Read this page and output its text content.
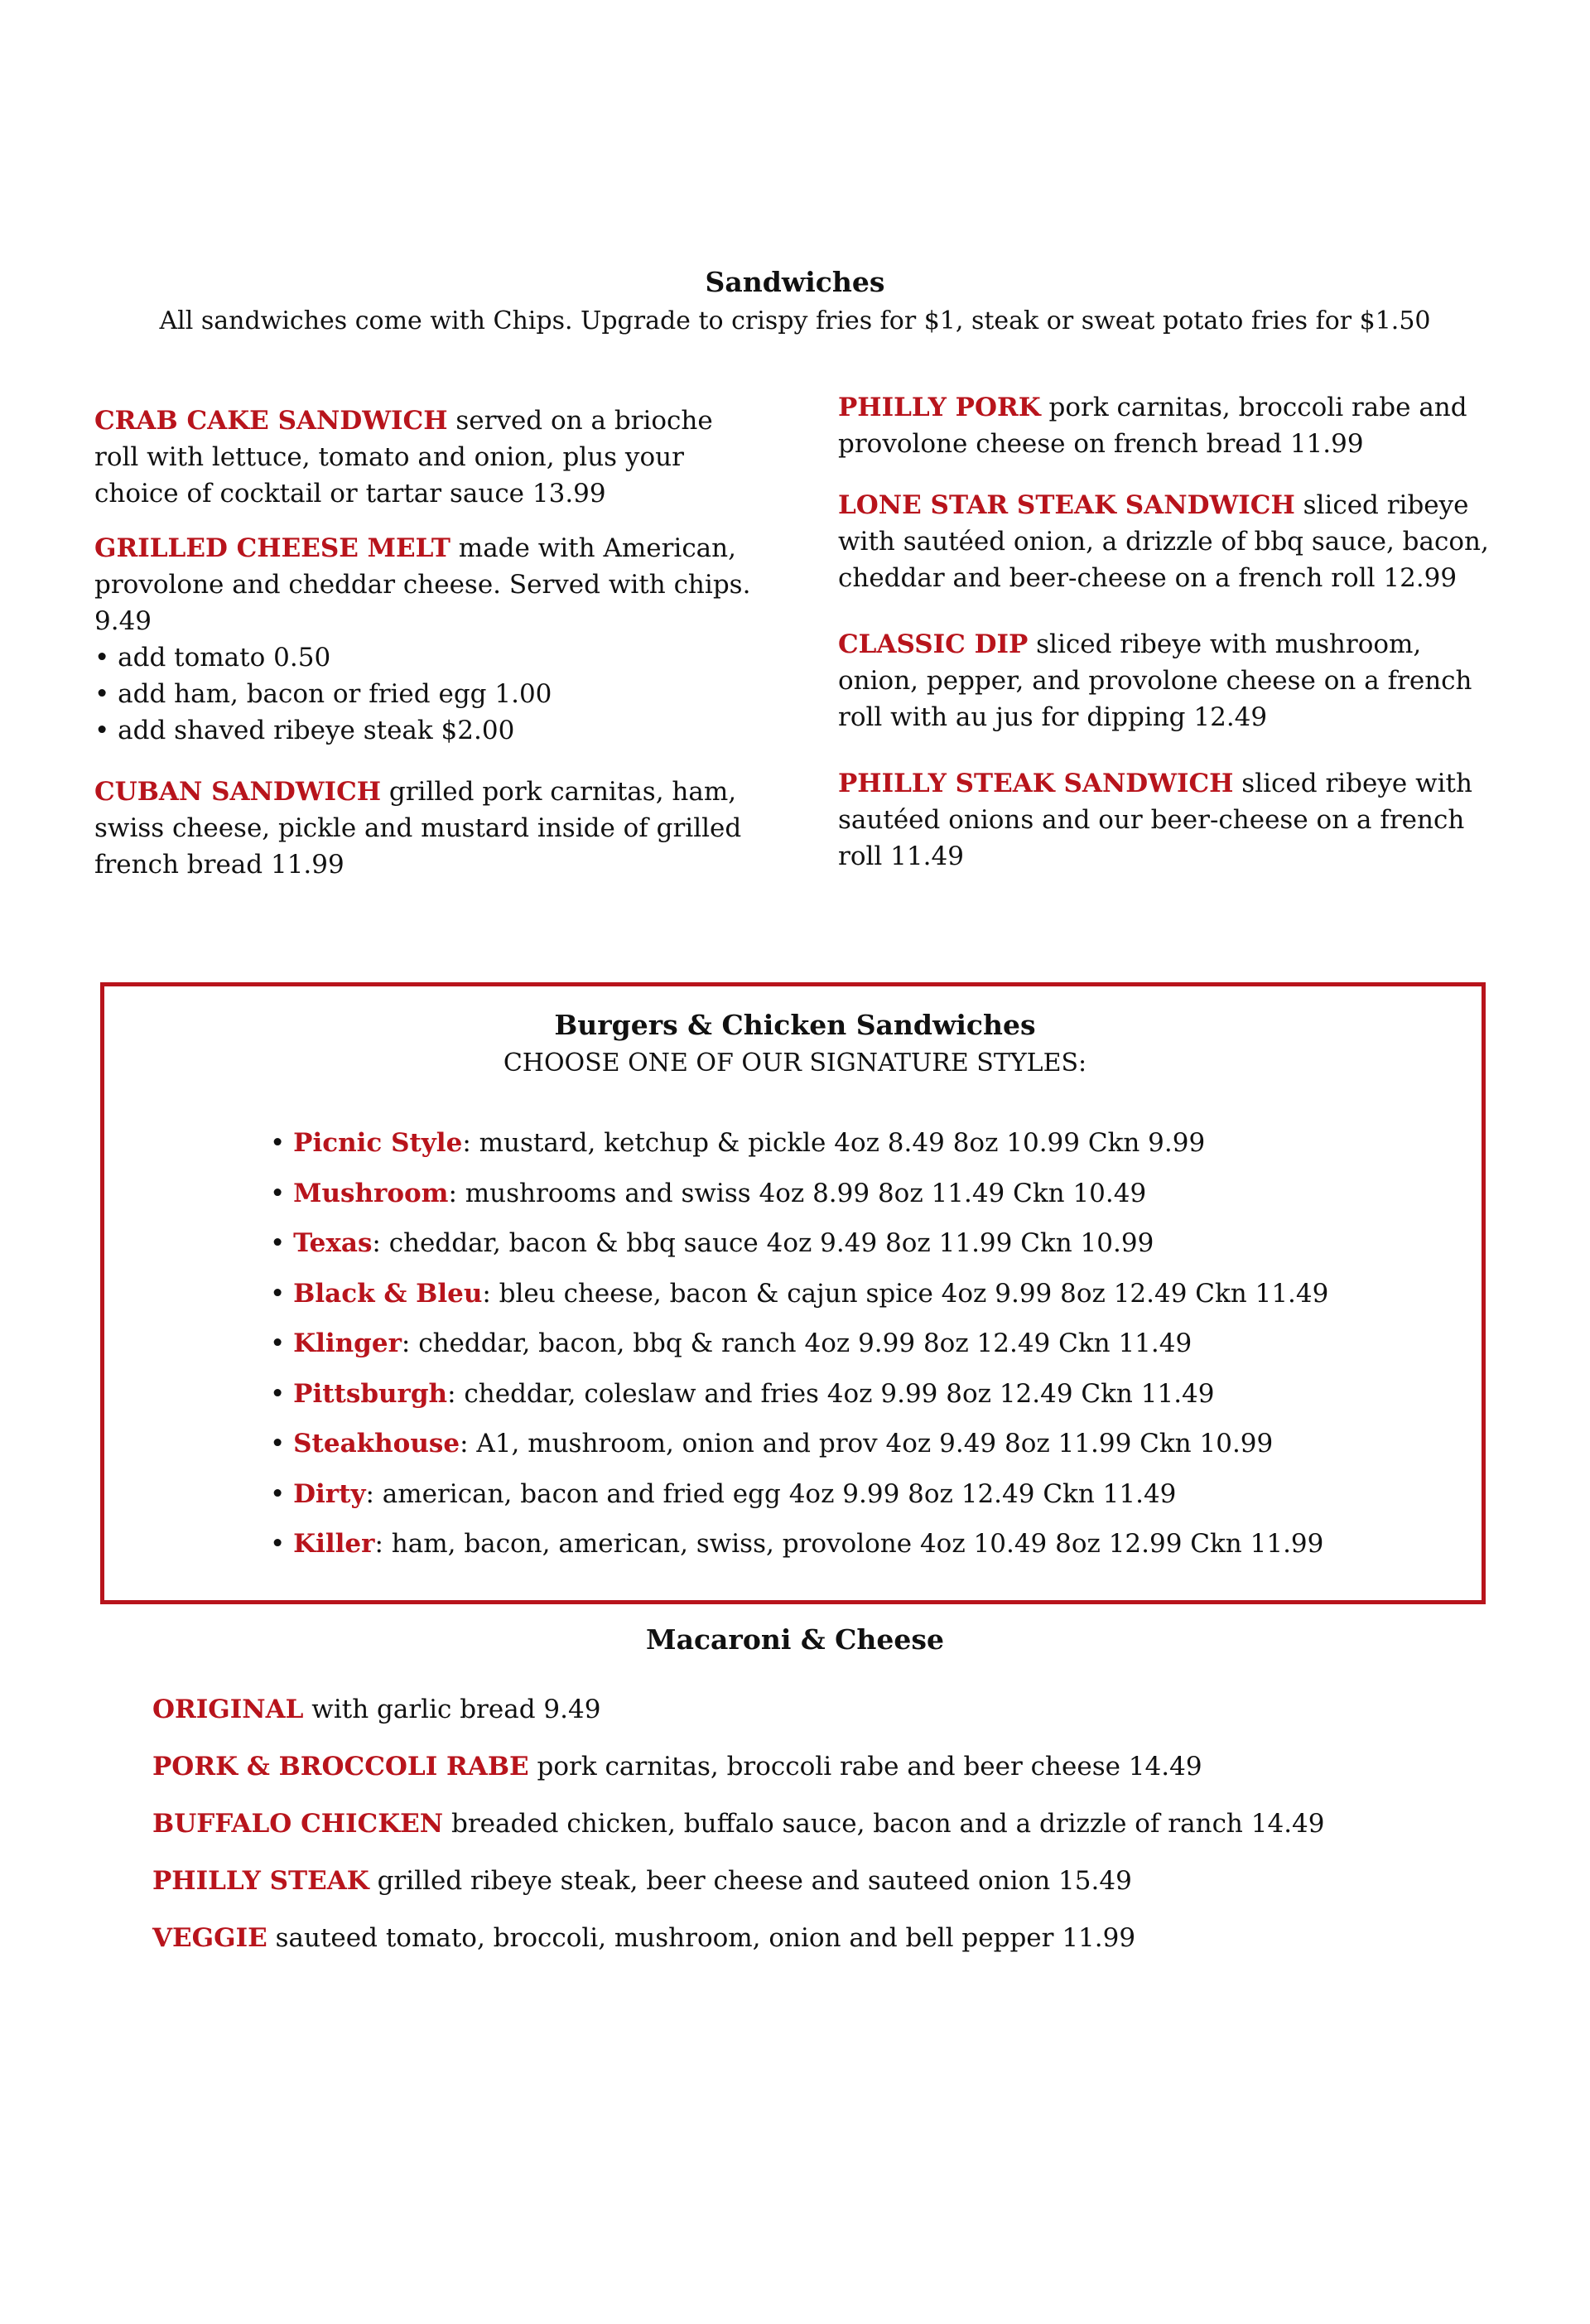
Sandwiches
All sandwiches come with Chips. Upgrade to crispy fries for $1, steak or sweat potato fries for $1.50
CRAB CAKE SANDWICH served on a brioche roll with lettuce, tomato and onion, plus your choice of cocktail or tartar sauce 13.99
GRILLED CHEESE MELT made with American, provolone and cheddar cheese. Served with chips. 9.49
• add tomato 0.50
• add ham, bacon or fried egg 1.00
• add shaved ribeye steak $2.00
CUBAN SANDWICH grilled pork carnitas, ham, swiss cheese, pickle and mustard inside of grilled french bread 11.99
PHILLY PORK pork carnitas, broccoli rabe and provolone cheese on french bread 11.99
LONE STAR STEAK SANDWICH sliced ribeye with sautéed onion, a drizzle of bbq sauce, bacon, cheddar and beer-cheese on a french roll 12.99
CLASSIC DIP sliced ribeye with mushroom, onion, pepper, and provolone cheese on a french roll with au jus for dipping 12.49
PHILLY STEAK SANDWICH sliced ribeye with sautéed onions and our beer-cheese on a french roll 11.49
Burgers & Chicken Sandwiches
CHOOSE ONE OF OUR SIGNATURE STYLES:
• Picnic Style: mustard, ketchup & pickle 4oz 8.49 8oz 10.99 Ckn 9.99
• Mushroom: mushrooms and swiss 4oz 8.99 8oz 11.49 Ckn 10.49
• Texas: cheddar, bacon & bbq sauce 4oz 9.49 8oz 11.99 Ckn 10.99
• Black & Bleu: bleu cheese, bacon & cajun spice 4oz 9.99 8oz 12.49 Ckn 11.49
• Klinger: cheddar, bacon, bbq & ranch 4oz 9.99 8oz 12.49 Ckn 11.49
• Pittsburgh: cheddar, coleslaw and fries 4oz 9.99 8oz 12.49 Ckn 11.49
• Steakhouse: A1, mushroom, onion and prov 4oz 9.49 8oz 11.99 Ckn 10.99
• Dirty: american, bacon and fried egg 4oz 9.99 8oz 12.49 Ckn 11.49
• Killer: ham, bacon, american, swiss, provolone 4oz 10.49 8oz 12.99 Ckn 11.99
Macaroni & Cheese
ORIGINAL with garlic bread 9.49
PORK & BROCCOLI RABE pork carnitas, broccoli rabe and beer cheese 14.49
BUFFALO CHICKEN breaded chicken, buffalo sauce, bacon and a drizzle of ranch 14.49
PHILLY STEAK grilled ribeye steak, beer cheese and sauteed onion 15.49
VEGGIE sauteed tomato, broccoli, mushroom, onion and bell pepper 11.99
